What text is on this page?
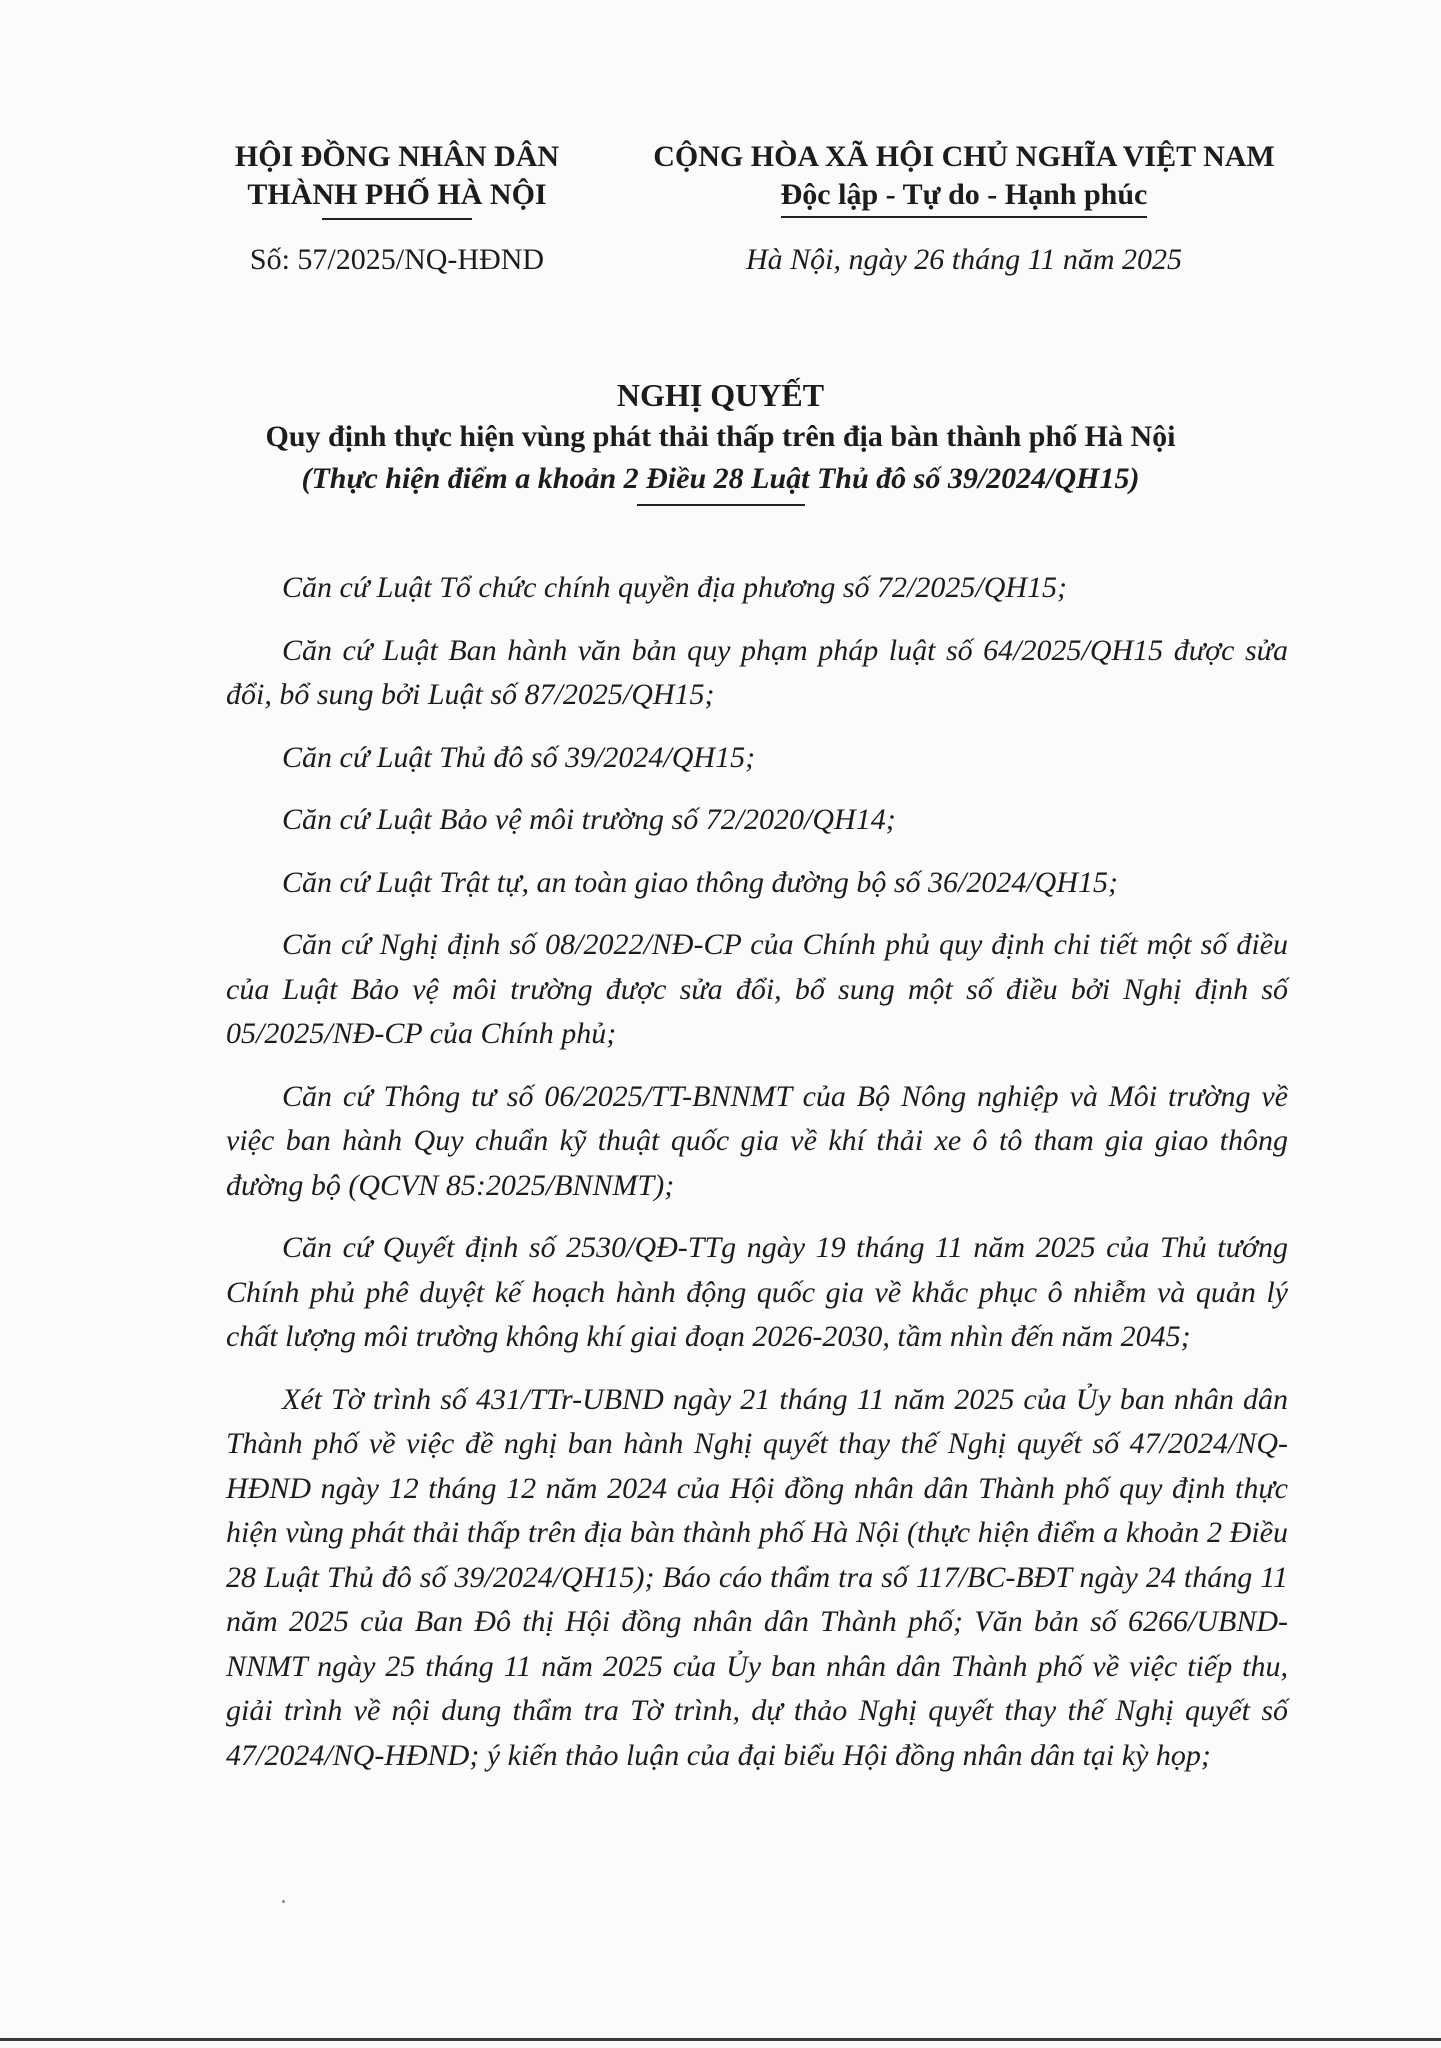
HỘI ĐỒNG NHÂN DÂN
THÀNH PHỐ HÀ NỘI
Số: 57/2025/NQ-HĐND
CỘNG HÒA XÃ HỘI CHỦ NGHĨA VIỆT NAM
Độc lập - Tự do - Hạnh phúc
Hà Nội, ngày 26 tháng 11 năm 2025
NGHỊ QUYẾT
Quy định thực hiện vùng phát thải thấp trên địa bàn thành phố Hà Nội
(Thực hiện điểm a khoản 2 Điều 28 Luật Thủ đô số 39/2024/QH15)

Căn cứ Luật Tổ chức chính quyền địa phương số 72/2025/QH15;

Căn cứ Luật Ban hành văn bản quy phạm pháp luật số 64/2025/QH15 được sửa đổi, bổ sung bởi Luật số 87/2025/QH15;

Căn cứ Luật Thủ đô số 39/2024/QH15;

Căn cứ Luật Bảo vệ môi trường số 72/2020/QH14;

Căn cứ Luật Trật tự, an toàn giao thông đường bộ số 36/2024/QH15;

Căn cứ Nghị định số 08/2022/NĐ-CP của Chính phủ quy định chi tiết một số điều của Luật Bảo vệ môi trường được sửa đổi, bổ sung một số điều bởi Nghị định số 05/2025/NĐ-CP của Chính phủ;

Căn cứ Thông tư số 06/2025/TT-BNNMT của Bộ Nông nghiệp và Môi trường về việc ban hành Quy chuẩn kỹ thuật quốc gia về khí thải xe ô tô tham gia giao thông đường bộ (QCVN 85:2025/BNNMT);

Căn cứ Quyết định số 2530/QĐ-TTg ngày 19 tháng 11 năm 2025 của Thủ tướng Chính phủ phê duyệt kế hoạch hành động quốc gia về khắc phục ô nhiễm và quản lý chất lượng môi trường không khí giai đoạn 2026-2030, tầm nhìn đến năm 2045;

Xét Tờ trình số 431/TTr-UBND ngày 21 tháng 11 năm 2025 của Ủy ban nhân dân Thành phố về việc đề nghị ban hành Nghị quyết thay thế Nghị quyết số 47/2024/NQ-HĐND ngày 12 tháng 12 năm 2024 của Hội đồng nhân dân Thành phố quy định thực hiện vùng phát thải thấp trên địa bàn thành phố Hà Nội (thực hiện điểm a khoản 2 Điều 28 Luật Thủ đô số 39/2024/QH15); Báo cáo thẩm tra số 117/BC-BĐT ngày 24 tháng 11 năm 2025 của Ban Đô thị Hội đồng nhân dân Thành phố; Văn bản số 6266/UBND-NNMT ngày 25 tháng 11 năm 2025 của Ủy ban nhân dân Thành phố về việc tiếp thu, giải trình về nội dung thẩm tra Tờ trình, dự thảo Nghị quyết thay thế Nghị quyết số 47/2024/NQ-HĐND; ý kiến thảo luận của đại biểu Hội đồng nhân dân tại kỳ họp;
